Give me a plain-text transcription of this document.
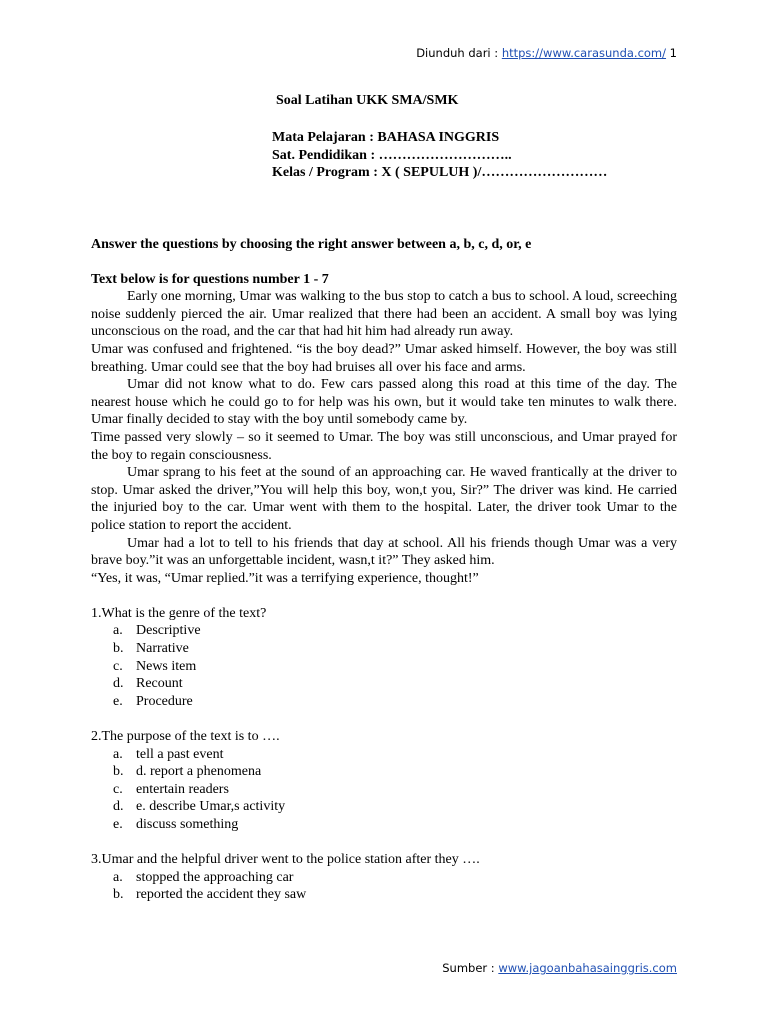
Diunduh dari : https://www.carasunda.com/ 1
Soal Latihan UKK SMA/SMK
Mata Pelajaran : BAHASA INGGRIS
Sat. Pendidikan : ………………………..
Kelas / Program : X ( SEPULUH )/………………………

Answer the questions by choosing the right answer between a, b, c, d, or, e

Text below is for questions number 1 - 7

Early one morning, Umar was walking to the bus stop to catch a bus to school. A loud, screeching noise suddenly pierced the air. Umar realized that there had been an accident. A small boy was lying unconscious on the road, and the car that had hit him had already run away.

Umar was confused and frightened. “is the boy dead?” Umar asked himself. However, the boy was still breathing. Umar could see that the boy had bruises all over his face and arms.

Umar did not know what to do. Few cars passed along this road at this time of the day. The nearest house which he could go to for help was his own, but it would take ten minutes to walk there. Umar finally decided to stay with the boy until somebody came by.

Time passed very slowly – so it seemed to Umar. The boy was still unconscious, and Umar prayed for the boy to regain consciousness.

Umar sprang to his feet at the sound of an approaching car. He waved frantically at the driver to stop. Umar asked the driver,”You will help this boy, won,t you, Sir?” The driver was kind. He carried the injuried boy to the car. Umar went with them to the hospital. Later, the driver took Umar to the police station to report the accident.

Umar had a lot to tell to his friends that day at school. All his friends though Umar was a very brave boy.”it was an unforgettable incident, wasn,t it?” They asked him.

“Yes, it was, “Umar replied.”it was a terrifying experience, thought!”

1.What is the genre of the text?

a. Descriptive
b. Narrative
c. News item
d. Recount
e. Procedure

2.The purpose of the text is to ….

a. tell a past event
b. d. report a phenomena
c. entertain readers
d. e. describe Umar,s activity
e. discuss something

3.Umar and the helpful driver went to the police station after they ….

a. stopped the approaching car
b. reported the accident they saw
Sumber : www.jagoanbahasainggris.com
